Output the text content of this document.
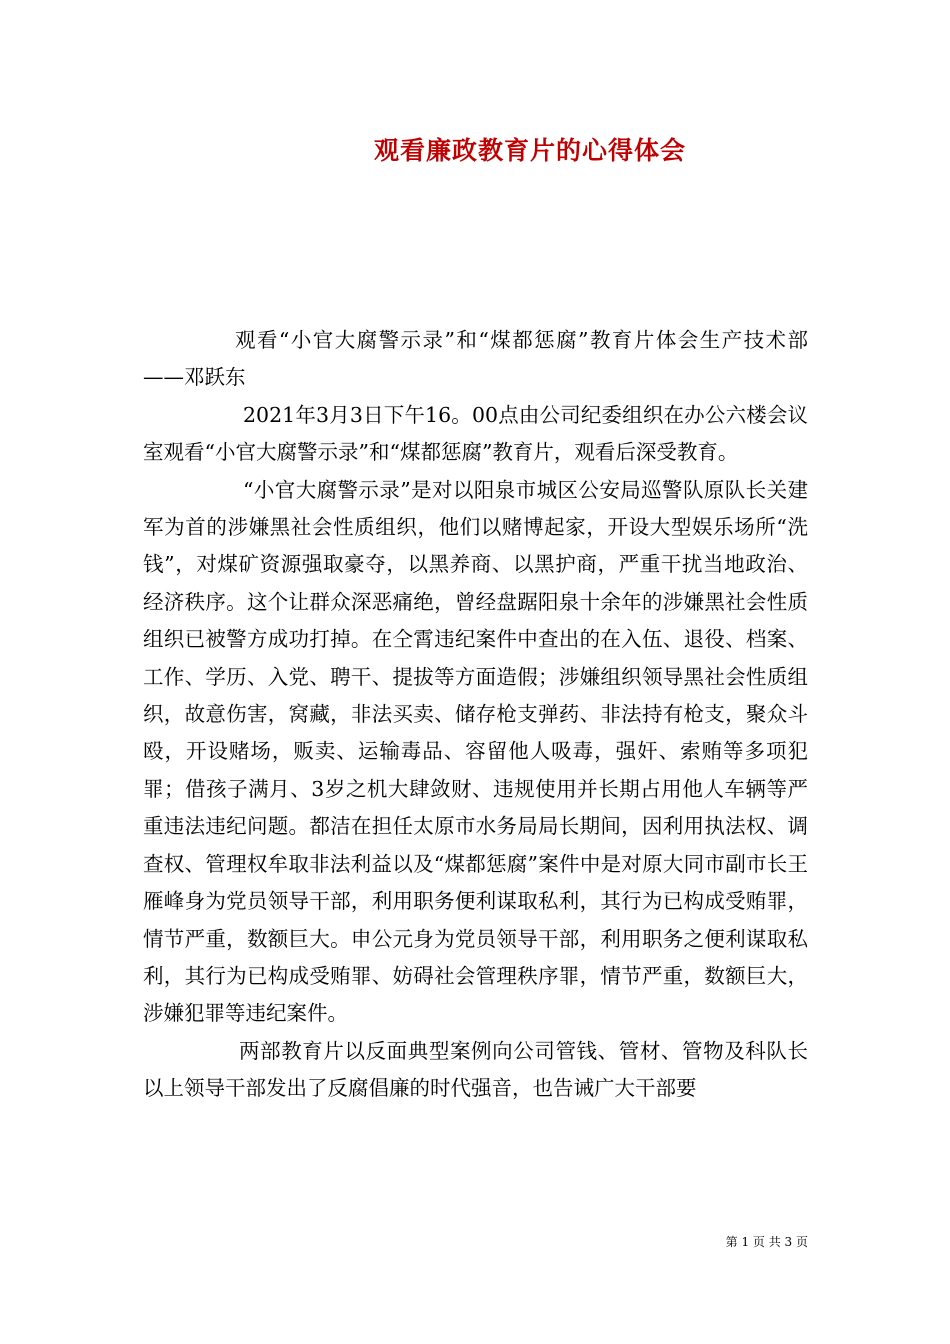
观看廉政教育片的心得体会

观看“小官大腐警示录”和“煤都惩腐”教育片体会生产技术部——邓跃东

2021年3月3日下午16。00点由公司纪委组织在办公六楼会议室观看“小官大腐警示录”和“煤都惩腐”教育片，观看后深受教育。

“小官大腐警示录”是对以阳泉市城区公安局巡警队原队长关建军为首的涉嫌黑社会性质组织，他们以赌博起家，开设大型娱乐场所“洗钱”，对煤矿资源强取豪夺，以黑养商、以黑护商，严重干扰当地政治、经济秩序。这个让群众深恶痛绝，曾经盘踞阳泉十余年的涉嫌黑社会性质组织已被警方成功打掉。在仝霄违纪案件中查出的在入伍、退役、档案、工作、学历、入党、聘干、提拔等方面造假；涉嫌组织领导黑社会性质组织，故意伤害，窝藏，非法买卖、储存枪支弹药、非法持有枪支，聚众斗殴，开设赌场，贩卖、运输毒品、容留他人吸毒，强奸、索贿等多项犯罪；借孩子满月、3岁之机大肆敛财、违规使用并长期占用他人车辆等严重违法违纪问题。都洁在担任太原市水务局局长期间，因利用执法权、调查权、管理权牟取非法利益以及“煤都惩腐”案件中是对原大同市副市长王雁峰身为党员领导干部，利用职务便利谋取私利，其行为已构成受贿罪，情节严重，数额巨大。申公元身为党员领导干部，利用职务之便利谋取私利，其行为已构成受贿罪、妨碍社会管理秩序罪，情节严重，数额巨大，涉嫌犯罪等违纪案件。

两部教育片以反面典型案例向公司管钱、管材、管物及科队长以上领导干部发出了反腐倡廉的时代强音，也告诫广大干部要

第 1 页 共 3 页
